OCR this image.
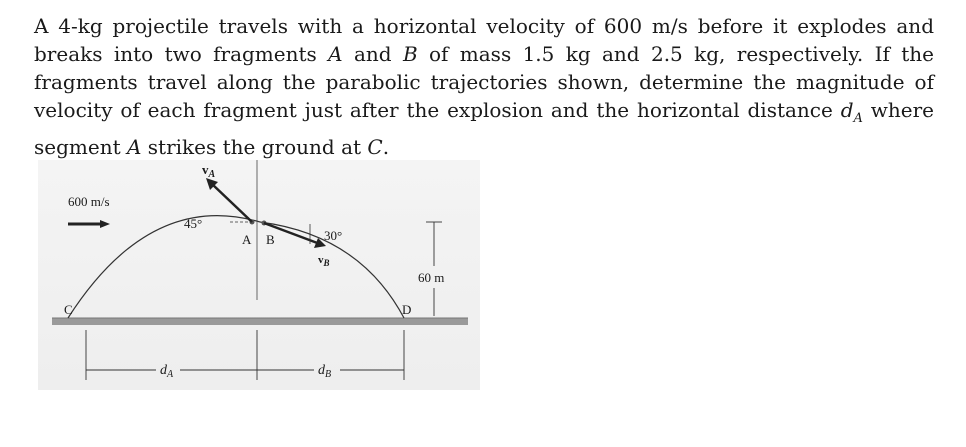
A 4-kg projectile travels with a horizontal velocity of 600 m/s before it explodes and breaks into two fragments A and B of mass 1.5 kg and 2.5 kg, respectively. If the fragments travel along the parabolic trajectories shown, determine the magnitude of velocity of each fragment just after the explosion and the horizontal distance $d_A$ where segment A strikes the ground at C.

600 m/s
$v_A$
45°
$v_B$
30°
A B
C	D
60 m
$d_A$	$d_B$
